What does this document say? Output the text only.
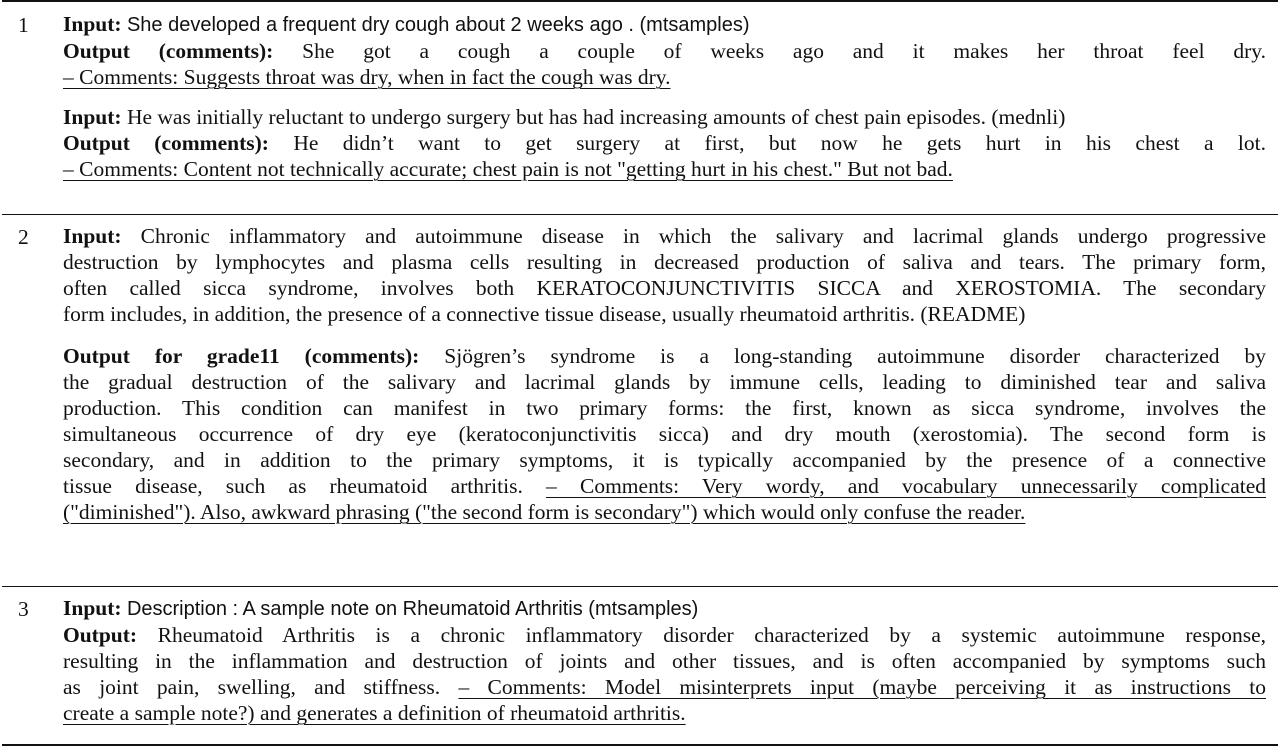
1	Input: She developed a frequent dry cough about 2 weeks ago . (mtsamples)
Output (comments): She got a cough a couple of weeks ago and it makes her throat feel dry.
– Comments: Suggests throat was dry, when in fact the cough was dry.
Input: He was initially reluctant to undergo surgery but has had increasing amounts of chest pain episodes. (mednli)
Output (comments): He didn’t want to get surgery at first, but now he gets hurt in his chest a lot.
– Comments: Content not technically accurate; chest pain is not "getting hurt in his chest." But not bad.
2	Input: Chronic inflammatory and autoimmune disease in which the salivary and lacrimal glands undergo progressive
destruction by lymphocytes and plasma cells resulting in decreased production of saliva and tears. The primary form,
often called sicca syndrome, involves both KERATOCONJUNCTIVITIS SICCA and XEROSTOMIA. The secondary
form includes, in addition, the presence of a connective tissue disease, usually rheumatoid arthritis. (README)
Output for grade11 (comments): Sjögren’s syndrome is a long-standing autoimmune disorder characterized by
the gradual destruction of the salivary and lacrimal glands by immune cells, leading to diminished tear and saliva
production. This condition can manifest in two primary forms: the first, known as sicca syndrome, involves the
simultaneous occurrence of dry eye (keratoconjunctivitis sicca) and dry mouth (xerostomia). The second form is
secondary, and in addition to the primary symptoms, it is typically accompanied by the presence of a connective
tissue disease, such as rheumatoid arthritis. – Comments: Very wordy, and vocabulary unnecessarily complicated
("diminished"). Also, awkward phrasing ("the second form is secondary") which would only confuse the reader.
3	Input: Description : A sample note on Rheumatoid Arthritis (mtsamples)
Output: Rheumatoid Arthritis is a chronic inflammatory disorder characterized by a systemic autoimmune response,
resulting in the inflammation and destruction of joints and other tissues, and is often accompanied by symptoms such
as joint pain, swelling, and stiffness. – Comments: Model misinterprets input (maybe perceiving it as instructions to
create a sample note?) and generates a definition of rheumatoid arthritis.
